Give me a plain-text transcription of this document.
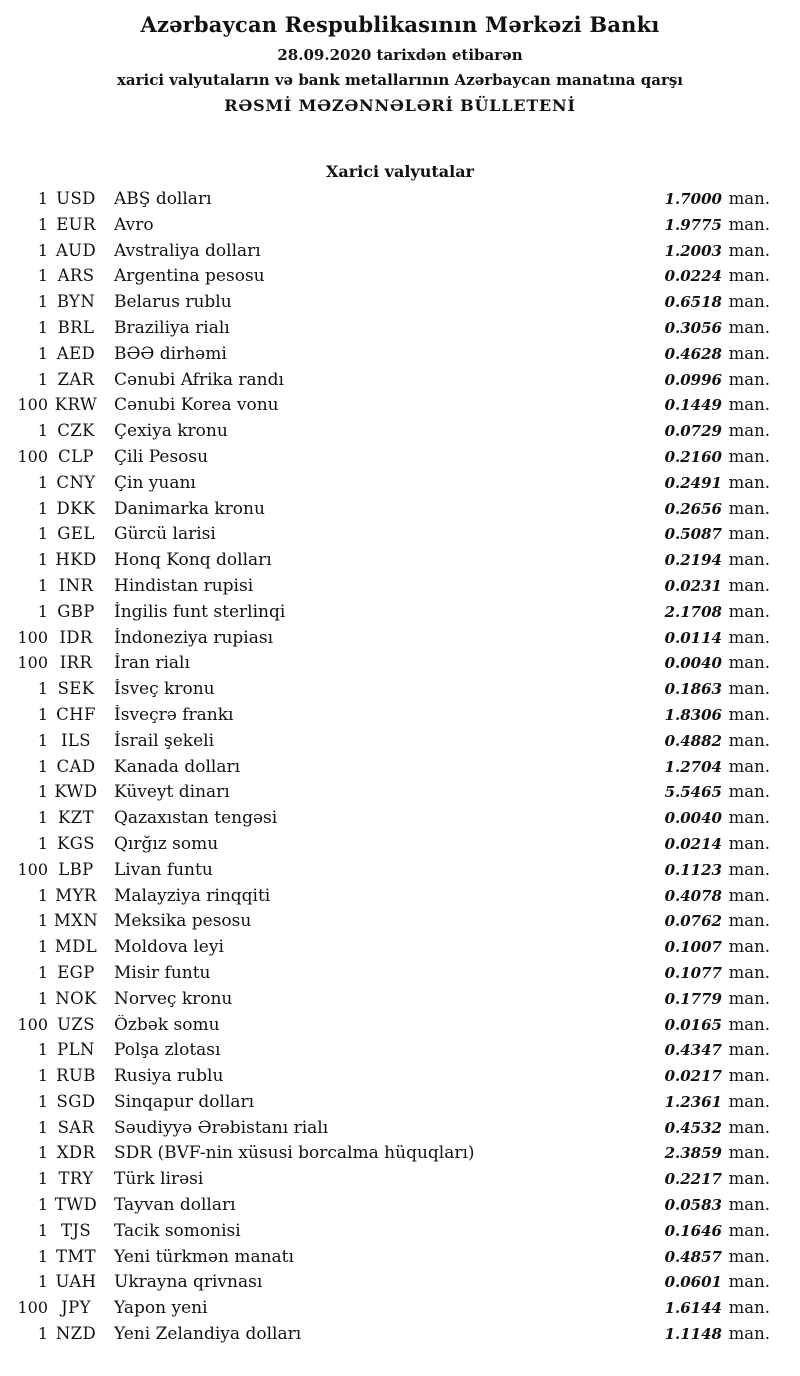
Azərbaycan Respublikasının Mərkəzi Bankı
28.09.2020 tarixdən etibarən
xarici valyutaların və bank metallarının Azərbaycan manatına qarşı
RƏSMİ MƏZƏNNƏLƏRİ BÜLLETENİ
Xarici valyutalar
1 USD	ABŞ dolları	1.7000 man.
1 EUR	Avro	1.9775 man.
1 AUD	Avstraliya dolları	1.2003 man.
1 ARS	Argentina pesosu	0.0224 man.
1 BYN	Belarus rublu	0.6518 man.
1 BRL	Braziliya rialı	0.3056 man.
1 AED	BƏƏ dirhəmi	0.4628 man.
1 ZAR	Cənubi Afrika randı	0.0996 man.
100 KRW Cənubi Korea vonu	0.1449 man.
1 CZK	Çexiya kronu	0.0729 man.
100 CLP	Çili Pesosu	0.2160 man.
1 CNY	Çin yuanı	0.2491 man.
1 DKK	Danimarka kronu	0.2656 man.
1 GEL	Gürcü larisi	0.5087 man.
1 HKD	Honq Konq dolları	0.2194 man.
1 INR	Hindistan rupisi	0.0231 man.
1 GBP	İngilis funt sterlinqi	2.1708 man.
100 IDR	İndoneziya rupiası	0.0114 man.
100 IRR	İran rialı	0.0040 man.
1 SEK	İsveç kronu	0.1863 man.
1 CHF	İsveçrə frankı	1.8306 man.
1 ILS	İsrail şekeli	0.4882 man.
1 CAD	Kanada dolları	1.2704 man.
1 KWD Küveyt dinarı	5.5465 man.
1 KZT	Qazaxıstan tengəsi	0.0040 man.
1 KGS	Qırğız somu	0.0214 man.
100 LBP	Livan funtu	0.1123 man.
1 MYR	Malayziya rinqqiti	0.4078 man.
1 MXN Meksika pesosu	0.0762 man.
1 MDL Moldova leyi	0.1007 man.
1 EGP	Misir funtu	0.1077 man.
1 NOK	Norveç kronu	0.1779 man.
100 UZS	Özbək somu	0.0165 man.
1 PLN	Polşa zlotası	0.4347 man.
1 RUB	Rusiya rublu	0.0217 man.
1 SGD	Sinqapur dolları	1.2361 man.
1 SAR	Səudiyyə Ərəbistanı rialı	0.4532 man.
1 XDR	SDR (BVF-nin xüsusi borcalma hüquqları)	2.3859 man.
1 TRY	Türk lirəsi	0.2217 man.
1 TWD Tayvan dolları	0.0583 man.
1 TJS	Tacik somonisi	0.1646 man.
1 TMT	Yeni türkmən manatı	0.4857 man.
1 UAH	Ukrayna qrivnası	0.0601 man.
100 JPY	Yapon yeni	1.6144 man.
1 NZD	Yeni Zelandiya dolları	1.1148 man.
